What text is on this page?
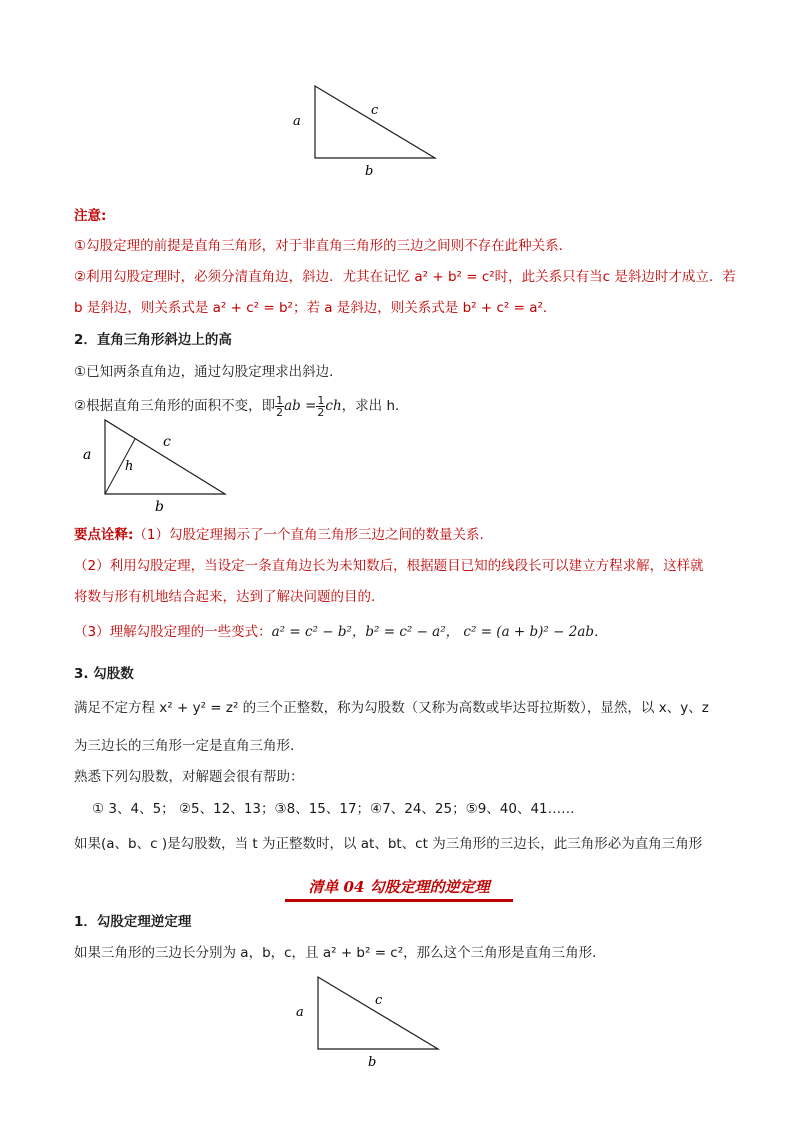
a
c
b
注意:
①勾股定理的前提是直角三角形，对于非直角三角形的三边之间则不存在此种关系．
②利用勾股定理时，必须分清直角边，斜边．尤其在记忆 a² + b² = c²时，此关系只有当c 是斜边时才成立．若
b 是斜边，则关系式是 a² + c² = b²；若 a 是斜边，则关系式是 b² + c² = a²．
2．直角三角形斜边上的高
①已知两条直角边，通过勾股定理求出斜边．
②根据直角三角形的面积不变，即 $\frac{1}{2}$ ab = $\frac{1}{2}$ ch，求出 h．
a
c
h
b
要点诠释:（1）勾股定理揭示了一个直角三角形三边之间的数量关系.
（2）利用勾股定理，当设定一条直角边长为未知数后，根据题目已知的线段长可以建立方程求解，这样就
将数与形有机地结合起来，达到了解决问题的目的.
（3）理解勾股定理的一些变式：a² = c² − b²，b² = c² − a²， c² = (a + b)² − 2ab．
3. 勾股数
满足不定方程 x² + y² = z² 的三个正整数，称为勾股数（又称为高数或毕达哥拉斯数），显然，以 x、y、z
为三边长的三角形一定是直角三角形.
熟悉下列勾股数，对解题会很有帮助：
① 3、4、5； ②5、12、13；③8、15、17；④7、24、25；⑤9、40、41……
如果(a、b、c )是勾股数，当 t 为正整数时，以 at、bt、ct 为三角形的三边长，此三角形必为直角三角形
清单 04 勾股定理的逆定理
1．勾股定理逆定理
如果三角形的三边长分别为 a，b，c，且 a² + b² = c²，那么这个三角形是直角三角形．
a
c
b
